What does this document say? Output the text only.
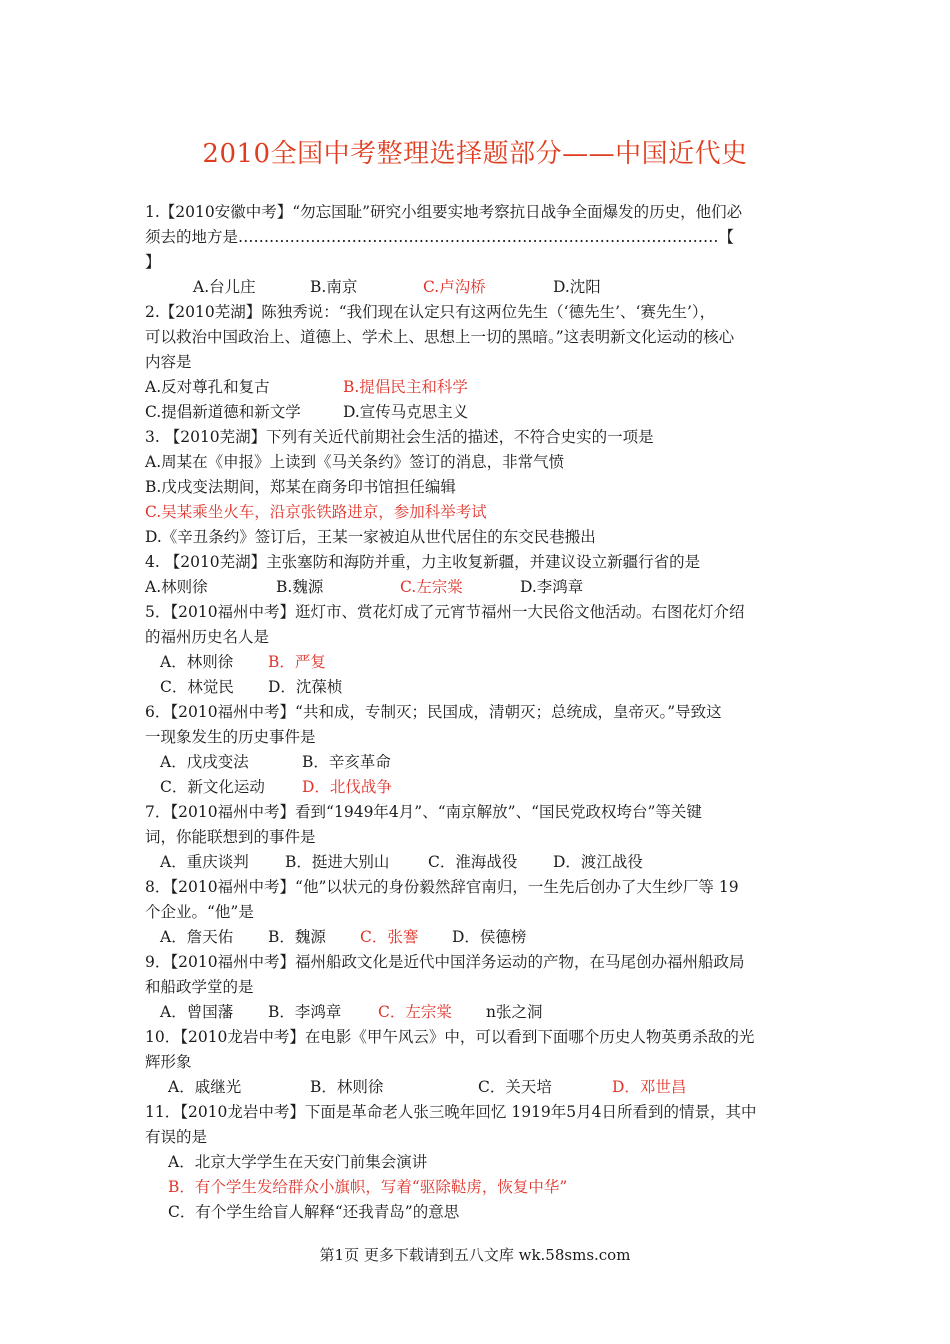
2010全国中考整理选择题部分——中国近代史
1.【2010安徽中考】“勿忘国耻”研究小组要实地考察抗日战争全面爆发的历史，他们必
须去的地方是…………………………………………………………………………………【
】
A.台儿庄	B.南京	C.卢沟桥	D.沈阳
2.【2010芜湖】陈独秀说：“我们现在认定只有这两位先生（‘德先生’、‘赛先生’），
可以救治中国政治上、道德上、学术上、思想上一切的黑暗。”这表明新文化运动的核心
内容是
A.反对尊孔和复古	B.提倡民主和科学
C.提倡新道德和新文学	D.宣传马克思主义
3. 【2010芜湖】下列有关近代前期社会生活的描述，不符合史实的一项是
A.周某在《申报》上读到《马关条约》签订的消息，非常气愤
B.戊戌变法期间，郑某在商务印书馆担任编辑
C.吴某乘坐火车，沿京张铁路进京，参加科举考试
D.《辛丑条约》签订后，王某一家被迫从世代居住的东交民巷搬出
4. 【2010芜湖】主张塞防和海防并重，力主收复新疆，并建议设立新疆行省的是
A.林则徐	B.魏源	C.左宗棠	D.李鸿章
5．【2010福州中考】逛灯市、赏花灯成了元宵节福州一大民俗文他活动。右图花灯介绍
的福州历史名人是
A．林则徐 B．严复
C．林觉民 D．沈葆桢
6．【2010福州中考】“共和成，专制灭；民国成，清朝灭；总统成，皇帝灭。”导致这
一现象发生的历史事件是
A．戊戌变法	B．辛亥革命
C．新文化运动 D．北伐战争
7．【2010福州中考】看到“1949年4月”、“南京解放”、“国民党政权垮台”等关键
词，你能联想到的事件是
A．重庆谈判 B．挺进大别山 C．淮海战役 D．渡江战役
8．【2010福州中考】“他”以状元的身份毅然辞官南归，一生先后创办了大生纱厂等 19
个企业。“他”是
A．詹天佑 B．魏源 C．张謇 D．侯德榜
9．【2010福州中考】福州船政文化是近代中国洋务运动的产物，在马尾创办福州船政局
和船政学堂的是
A．曾国藩 B．李鸿章 C．左宗棠 n张之洞
10．【2010龙岩中考】在电影《甲午风云》中，可以看到下面哪个历史人物英勇杀敌的光
辉形象
A．戚继光	B．林则徐	C．关天培	D．邓世昌
11．【2010龙岩中考】下面是革命老人张三晚年回忆 1919年5月4日所看到的情景，其中
有误的是
A．北京大学学生在天安门前集会演讲
B．有个学生发给群众小旗帜，写着“驱除鞑虏，恢复中华”
C．有个学生给盲人解释“还我青岛”的意思
第1页 更多下载请到五八文库 wk.58sms.com
